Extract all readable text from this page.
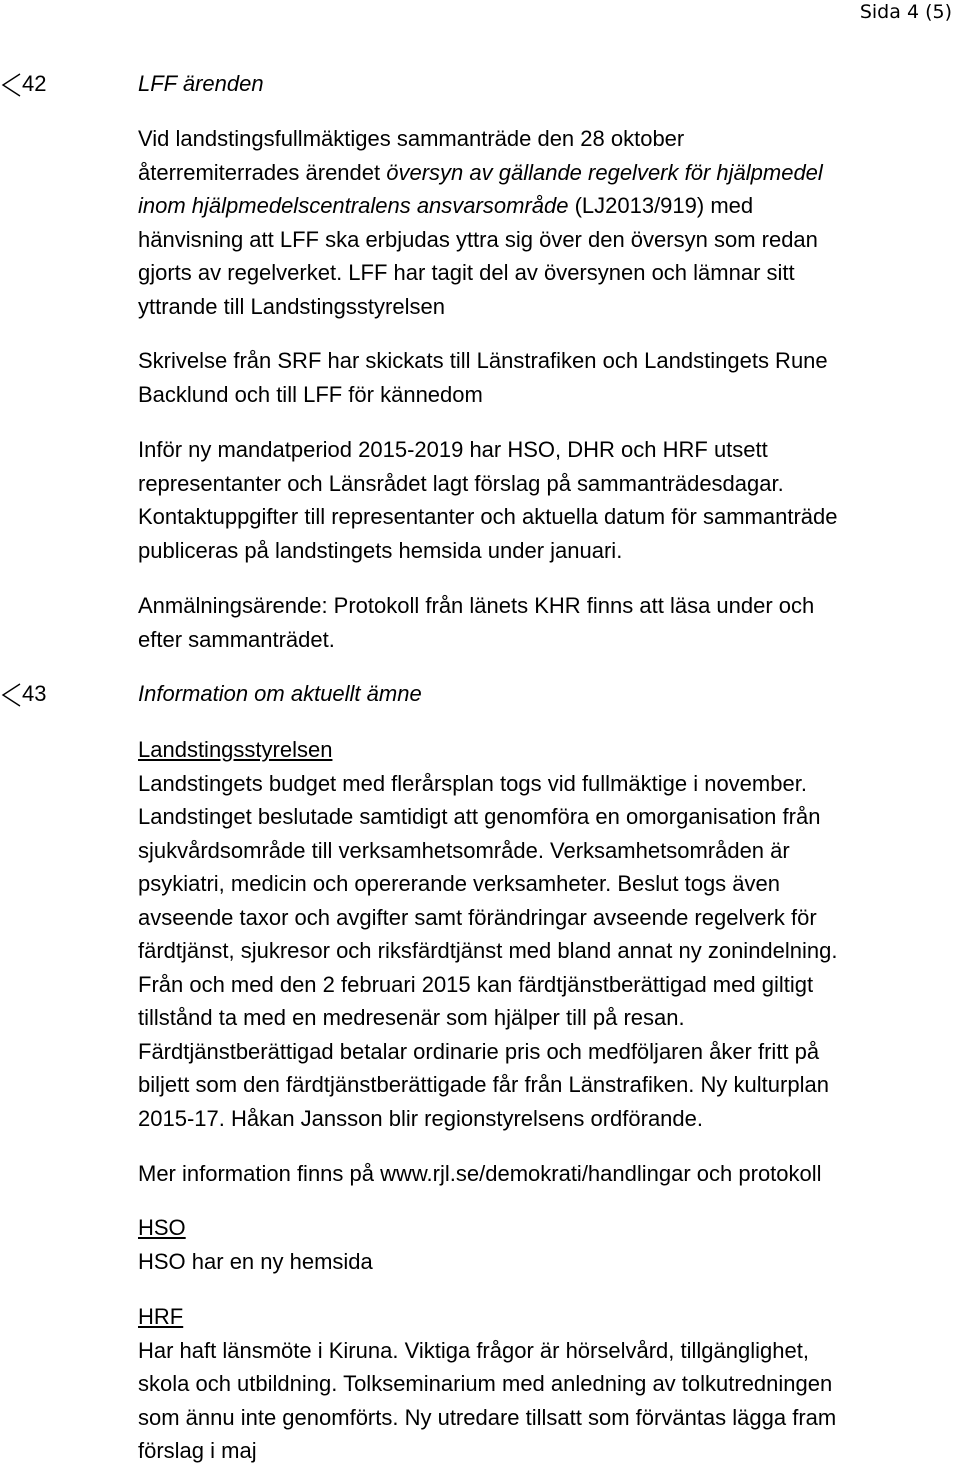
Sida 4 (5)
42	LFF ärenden

Vid landstingsfullmäktiges sammanträde den 28 oktober
återremiterrades ärendet översyn av gällande regelverk för hjälpmedel
inom hjälpmedelscentralens ansvarsområde (LJ2013/919) med
hänvisning att LFF ska erbjudas yttra sig över den översyn som redan
gjorts av regelverket. LFF har tagit del av översynen och lämnar sitt
yttrande till Landstingsstyrelsen

Skrivelse från SRF har skickats till Länstrafiken och Landstingets Rune
Backlund och till LFF för kännedom

Inför ny mandatperiod 2015-2019 har HSO, DHR och HRF utsett
representanter och Länsrådet lagt förslag på sammanträdesdagar.
Kontaktuppgifter till representanter och aktuella datum för sammanträde
publiceras på landstingets hemsida under januari.

Anmälningsärende: Protokoll från länets KHR finns att läsa under och
efter sammanträdet.

43	Information om aktuellt ämne

Landstingsstyrelsen
Landstingets budget med flerårsplan togs vid fullmäktige i november.
Landstinget beslutade samtidigt att genomföra en omorganisation från
sjukvårdsområde till verksamhetsområde. Verksamhetsområden är
psykiatri, medicin och opererande verksamheter. Beslut togs även
avseende taxor och avgifter samt förändringar avseende regelverk för
färdtjänst, sjukresor och riksfärdtjänst med bland annat ny zonindelning.
Från och med den 2 februari 2015 kan färdtjänstberättigad med giltigt
tillstånd ta med en medresenär som hjälper till på resan.
Färdtjänstberättigad betalar ordinarie pris och medföljaren åker fritt på
biljett som den färdtjänstberättigade får från Länstrafiken. Ny kulturplan
2015-17. Håkan Jansson blir regionstyrelsens ordförande.

Mer information finns på www.rjl.se/demokrati/handlingar och protokoll

HSO
HSO har en ny hemsida

HRF
Har haft länsmöte i Kiruna. Viktiga frågor är hörselvård, tillgänglighet,
skola och utbildning. Tolkseminarium med anledning av tolkutredningen
som ännu inte genomförts. Ny utredare tillsatt som förväntas lägga fram
förslag i maj
